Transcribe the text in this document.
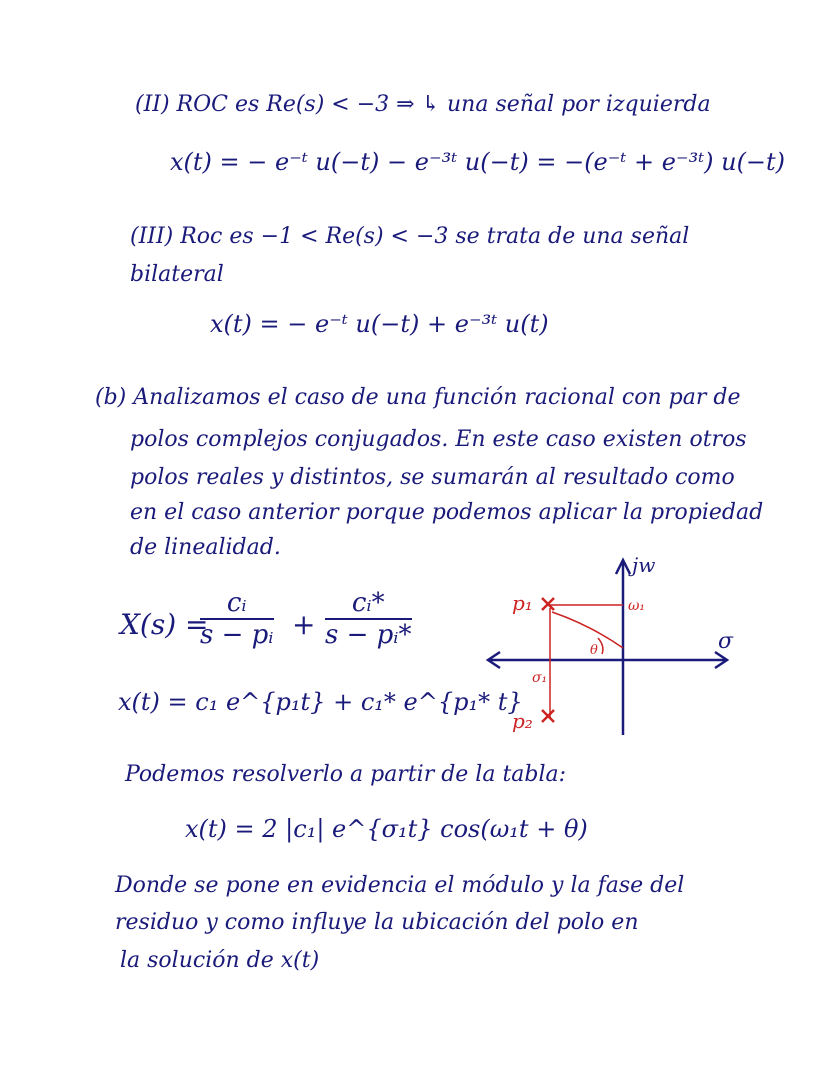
(II) ROC es Re(s) < −3 ⇒ ↳ una señal por izquierda
x(t) = − e⁻ᵗ u(−t) − e⁻³ᵗ u(−t) = −(e⁻ᵗ + e⁻³ᵗ) u(−t)
(III) Roc es −1 < Re(s) < −3 se trata de una señal
bilateral
x(t) = − e⁻ᵗ u(−t) + e⁻³ᵗ u(t)
(b) Analizamos el caso de una función racional con par de
polos complejos conjugados. En este caso existen otros
polos reales y distintos, se sumarán al resultado como
en el caso anterior porque podemos aplicar la propiedad
de linealidad.
X(s) =
$\frac{\text{cᵢ}}{\text{s − pᵢ}} + \frac{\text{cᵢ*}}{\text{s − pᵢ*}}$
x(t) = c₁ e^{p₁t} + c₁* e^{p₁* t}
jw
σ
p₁
p₂
ω₁
σ₁
θ
Podemos resolverlo a partir de la tabla:
x(t) = 2 |c₁| e^{σ₁t} cos(ω₁t + θ)
Donde se pone en evidencia el módulo y la fase del
residuo y como influye la ubicación del polo en
la solución de x(t)
